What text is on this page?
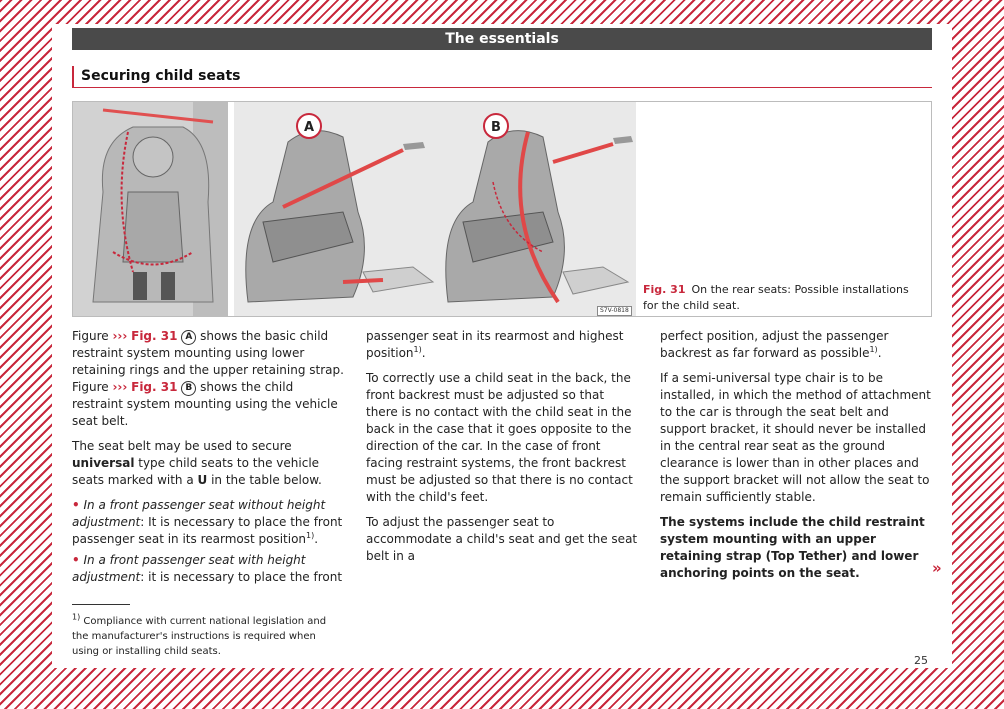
The essentials
Securing child seats
A	B
S7V-0818
Fig. 31 On the rear seats: Possible installations for the child seat.

Figure ››› Fig. 31 A shows the basic child restraint system mounting using lower retaining rings and the upper retaining strap. Figure ››› Fig. 31 B shows the child restraint system mounting using the vehicle seat belt.

The seat belt may be used to secure universal type child seats to the vehicle seats marked with a U in the table below.

• In a front passenger seat without height adjustment: It is necessary to place the front passenger seat in its rearmost position$^{1)}$.

• In a front passenger seat with height adjustment: it is necessary to place the front

passenger seat in its rearmost and highest position$^{1)}$.

To correctly use a child seat in the back, the front backrest must be adjusted so that there is no contact with the child seat in the back in the case that it goes opposite to the direction of the car. In the case of front facing restraint systems, the front backrest must be adjusted so that there is no contact with the child's feet.

To adjust the passenger seat to accommodate a child's seat and get the seat belt in a

perfect position, adjust the passenger backrest as far forward as possible$^{1)}$.

If a semi-universal type chair is to be installed, in which the method of attachment to the car is through the seat belt and support bracket, it should never be installed in the central rear seat as the ground clearance is lower than in other places and the support bracket will not allow the seat to remain sufficiently stable.

The systems include the child restraint system mounting with an upper retaining strap (Top Tether) and lower anchoring points on the seat.	»
$^{1)}$ Compliance with current national legislation and the manufacturer's instructions is required when using or installing child seats.
25
